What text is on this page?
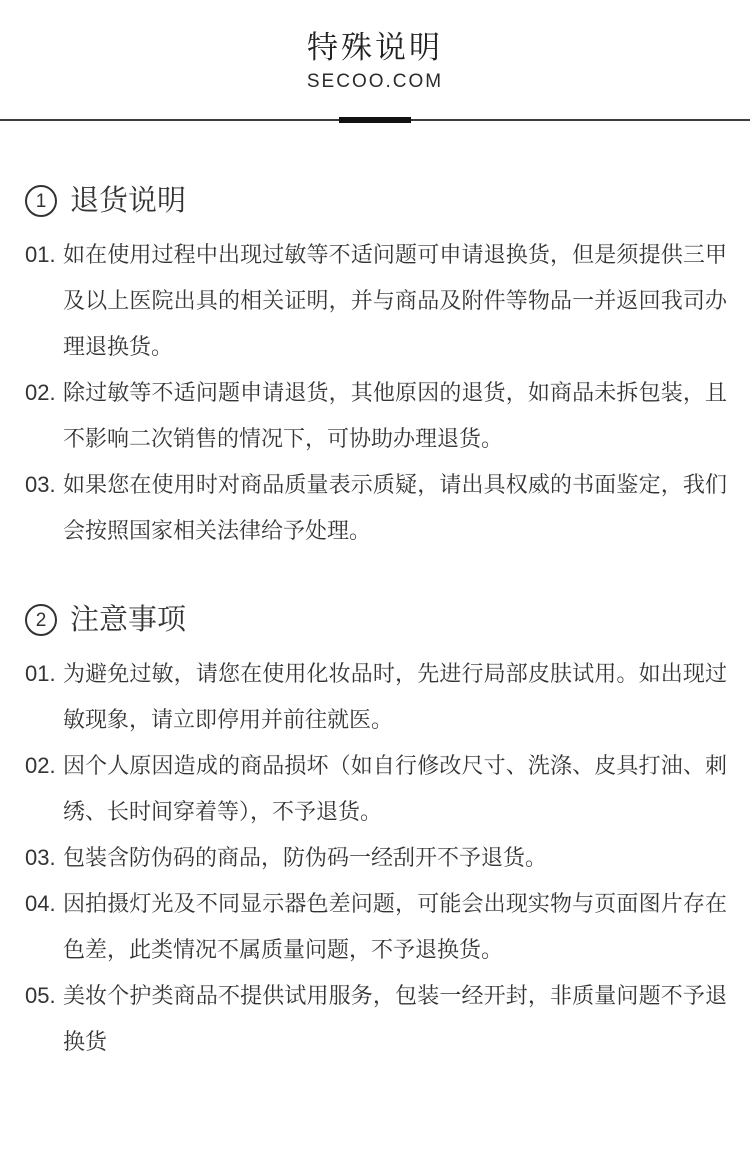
特殊说明
SECOO.COM
1 退货说明
01. 如在使用过程中出现过敏等不适问题可申请退换货，但是须提供三甲及以上医院出具的相关证明，并与商品及附件等物品一并返回我司办理退换货。
02. 除过敏等不适问题申请退货，其他原因的退货，如商品未拆包装，且不影响二次销售的情况下，可协助办理退货。
03. 如果您在使用时对商品质量表示质疑，请出具权威的书面鉴定，我们会按照国家相关法律给予处理。
2 注意事项
01. 为避免过敏，请您在使用化妆品时，先进行局部皮肤试用。如出现过敏现象，请立即停用并前往就医。
02. 因个人原因造成的商品损坏（如自行修改尺寸、洗涤、皮具打油、刺绣、长时间穿着等），不予退货。
03. 包装含防伪码的商品，防伪码一经刮开不予退货。
04. 因拍摄灯光及不同显示器色差问题，可能会出现实物与页面图片存在色差，此类情况不属质量问题，不予退换货。
05. 美妆个护类商品不提供试用服务，包装一经开封，非质量问题不予退换货
